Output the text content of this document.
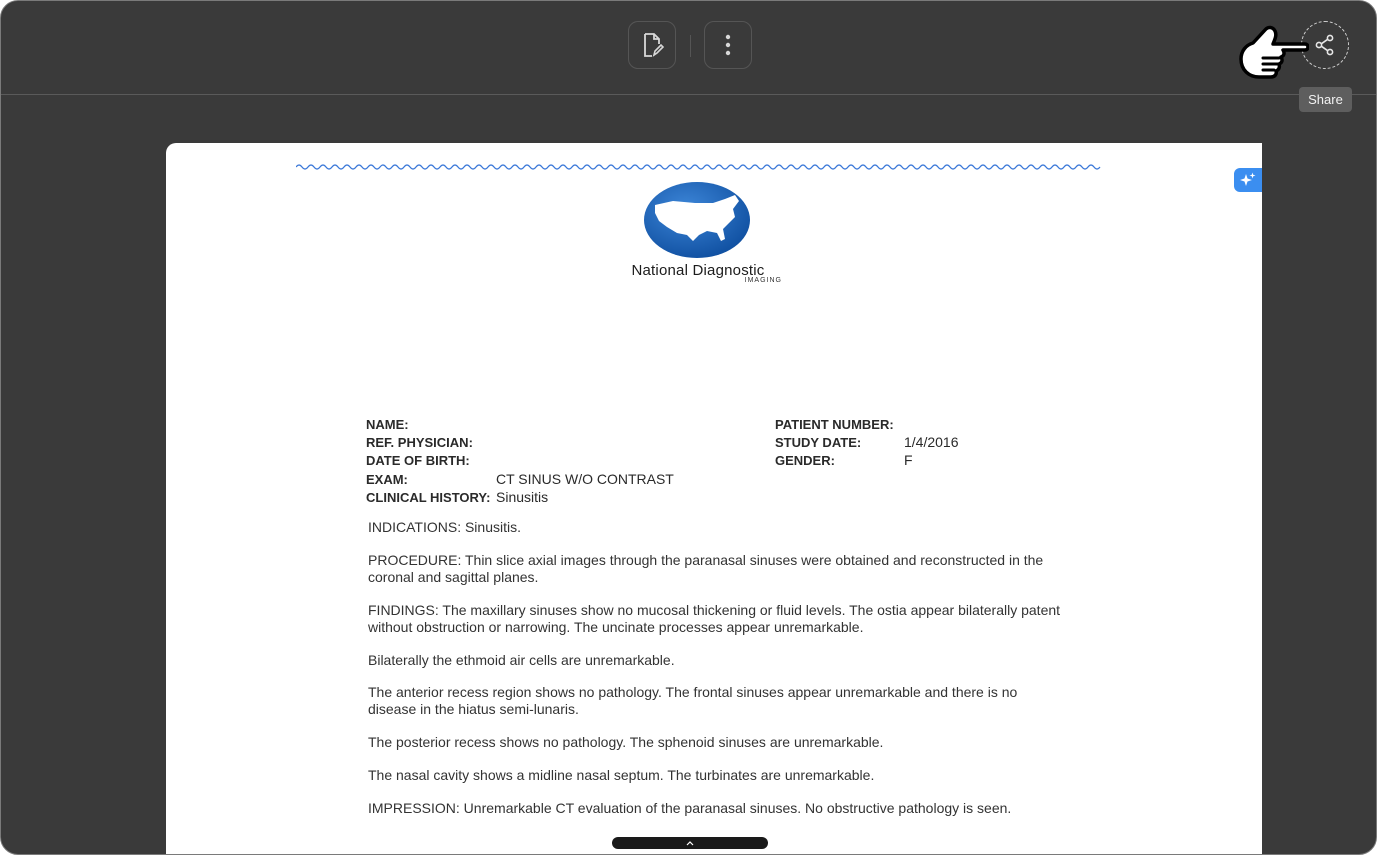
Share
National Diagnostic
IMAGING
NAME:
REF. PHYSICIAN:
DATE OF BIRTH:
EXAM:	CT SINUS W/O CONTRAST
CLINICAL HISTORY: Sinusitis
PATIENT NUMBER:
STUDY DATE:	1/4/2016
GENDER:	F
INDICATIONS: Sinusitis.
PROCEDURE: Thin slice axial images through the paranasal sinuses were obtained and reconstructed in the coronal and sagittal planes.
FINDINGS: The maxillary sinuses show no mucosal thickening or fluid levels. The ostia appear bilaterally patent without obstruction or narrowing. The uncinate processes appear unremarkable.
Bilaterally the ethmoid air cells are unremarkable.
The anterior recess region shows no pathology. The frontal sinuses appear unremarkable and there is no disease in the hiatus semi-lunaris.
The posterior recess shows no pathology. The sphenoid sinuses are unremarkable.
The nasal cavity shows a midline nasal septum. The turbinates are unremarkable.
IMPRESSION: Unremarkable CT evaluation of the paranasal sinuses. No obstructive pathology is seen.
